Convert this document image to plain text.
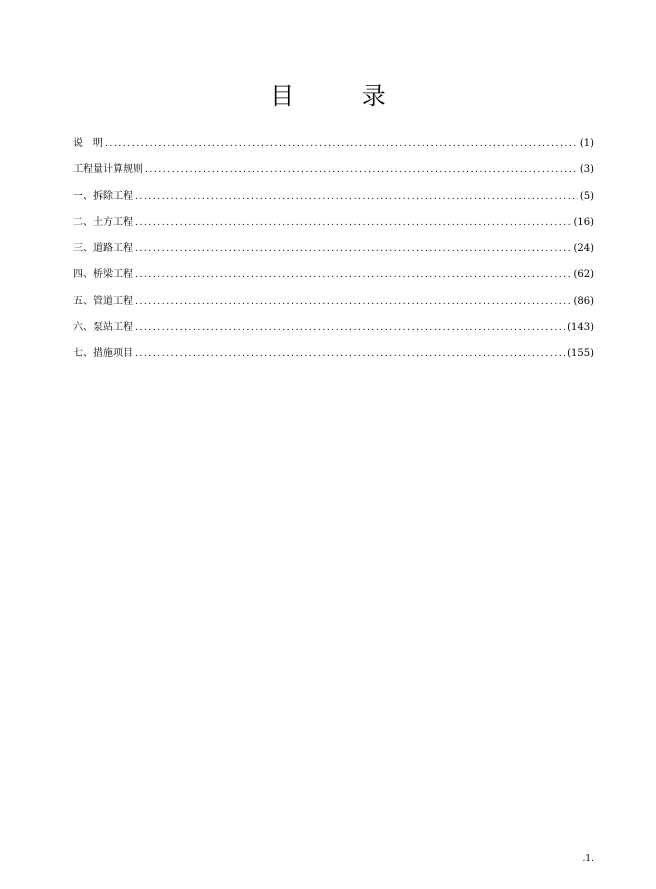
目 录
说　明 .....	(1)
工程量计算规则 .....	(3)
一、拆除工程 .....	(5)
二、土方工程 .....	(16)
三、道路工程 .....	(24)
四、桥梁工程 .....	(62)
五、管道工程 .....	(86)
六、泵站工程 .....	(143)
七、措施项目 .....	(155)
.1.
